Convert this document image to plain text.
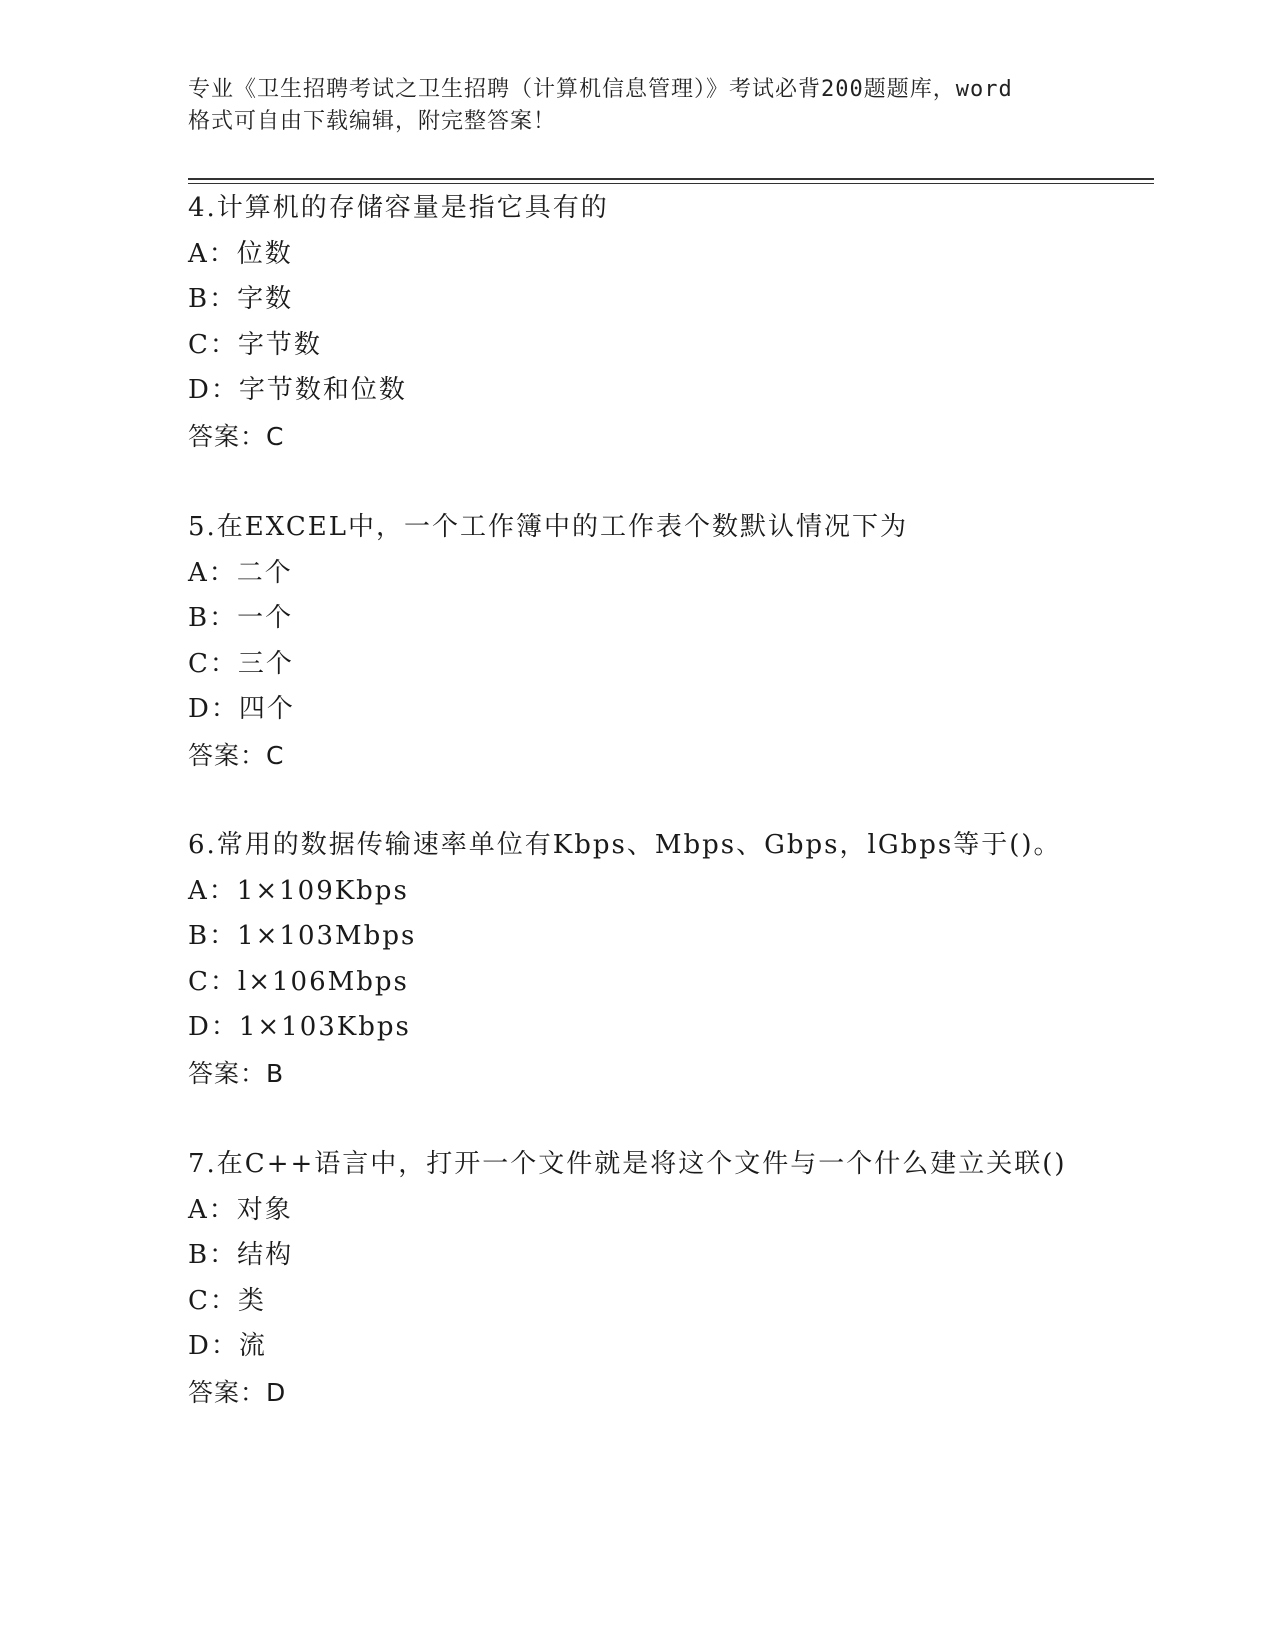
专业《卫生招聘考试之卫生招聘（计算机信息管理）》考试必背200题题库，word
格式可自由下载编辑，附完整答案！
4.计算机的存储容量是指它具有的
A：位数
B：字数
C：字节数
D：字节数和位数
答案：C
5.在EXCEL中，一个工作簿中的工作表个数默认情况下为
A：二个
B：一个
C：三个
D：四个
答案：C
6.常用的数据传输速率单位有Kbps、Mbps、Gbps，lGbps等于()。
A：1×109Kbps
B：1×103Mbps
C：l×106Mbps
D：1×103Kbps
答案：B
7.在C++语言中，打开一个文件就是将这个文件与一个什么建立关联()
A：对象
B：结构
C：类
D：流
答案：D
